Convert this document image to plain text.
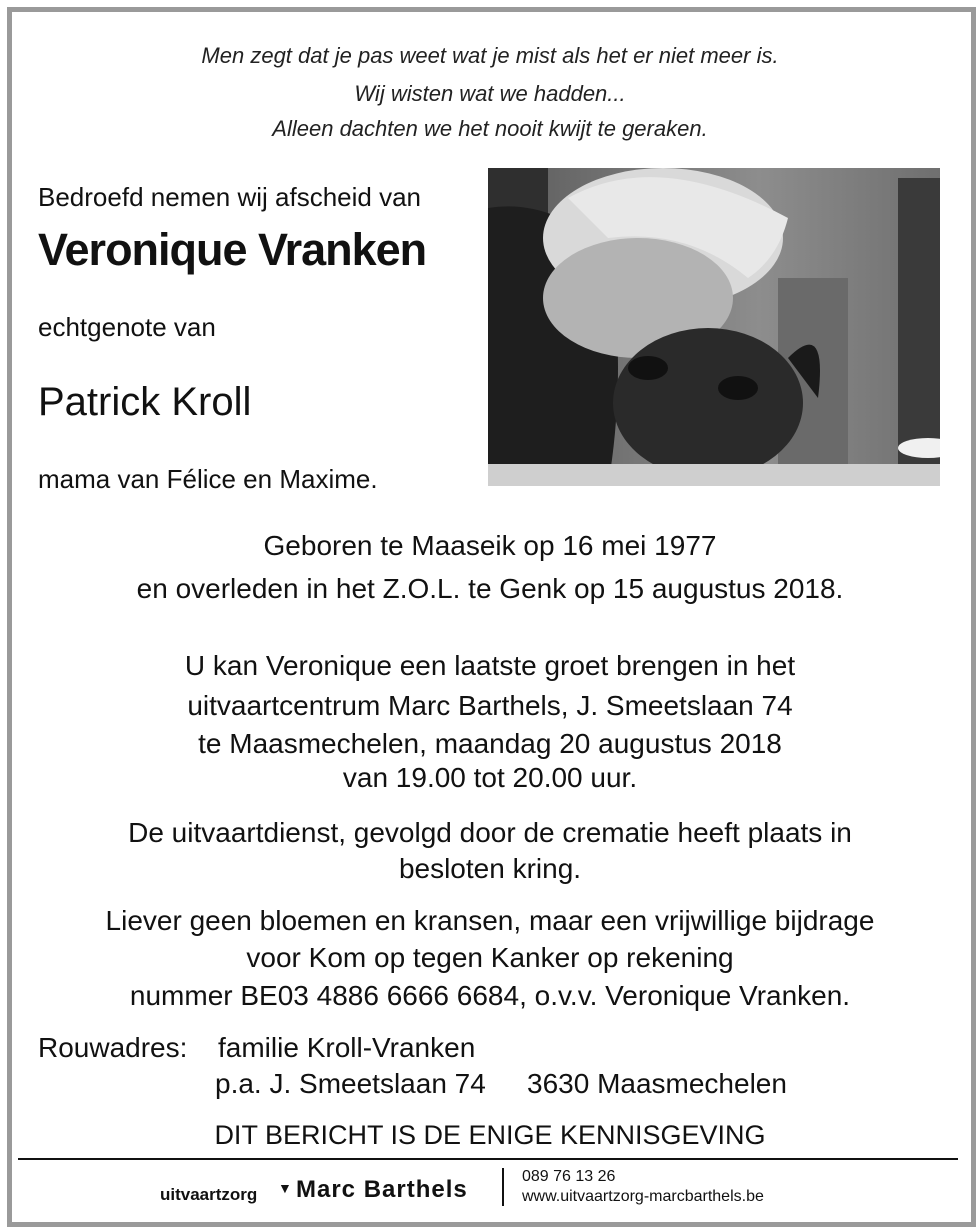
Men zegt dat je pas weet wat je mist als het er niet meer is.

Wij wisten wat we hadden...

Alleen dachten we het nooit kwijt te geraken.

Bedroefd nemen wij afscheid van

Veronique Vranken

echtgenote van

Patrick Kroll

mama van Félice en Maxime.

Geboren te Maaseik op 16 mei 1977

en overleden in het Z.O.L. te Genk op 15 augustus 2018.

U kan Veronique een laatste groet brengen in het

uitvaartcentrum Marc Barthels, J. Smeetslaan 74

te Maasmechelen, maandag 20 augustus 2018

van 19.00 tot 20.00 uur.

De uitvaartdienst, gevolgd door de crematie heeft plaats in

besloten kring.

Liever geen bloemen en kransen, maar een vrijwillige bijdrage

voor Kom op tegen Kanker op rekening

nummer BE03 4886 6666 6684, o.v.v. Veronique Vranken.

Rouwadres: familie Kroll-Vranken

p.a. J. Smeetslaan 74 3630 Maasmechelen

DIT BERICHT IS DE ENIGE KENNISGEVING

uitvaartzorg ▼ Marc Barthels	089 76 13 26
www.uitvaartzorg-marcbarthels.be
